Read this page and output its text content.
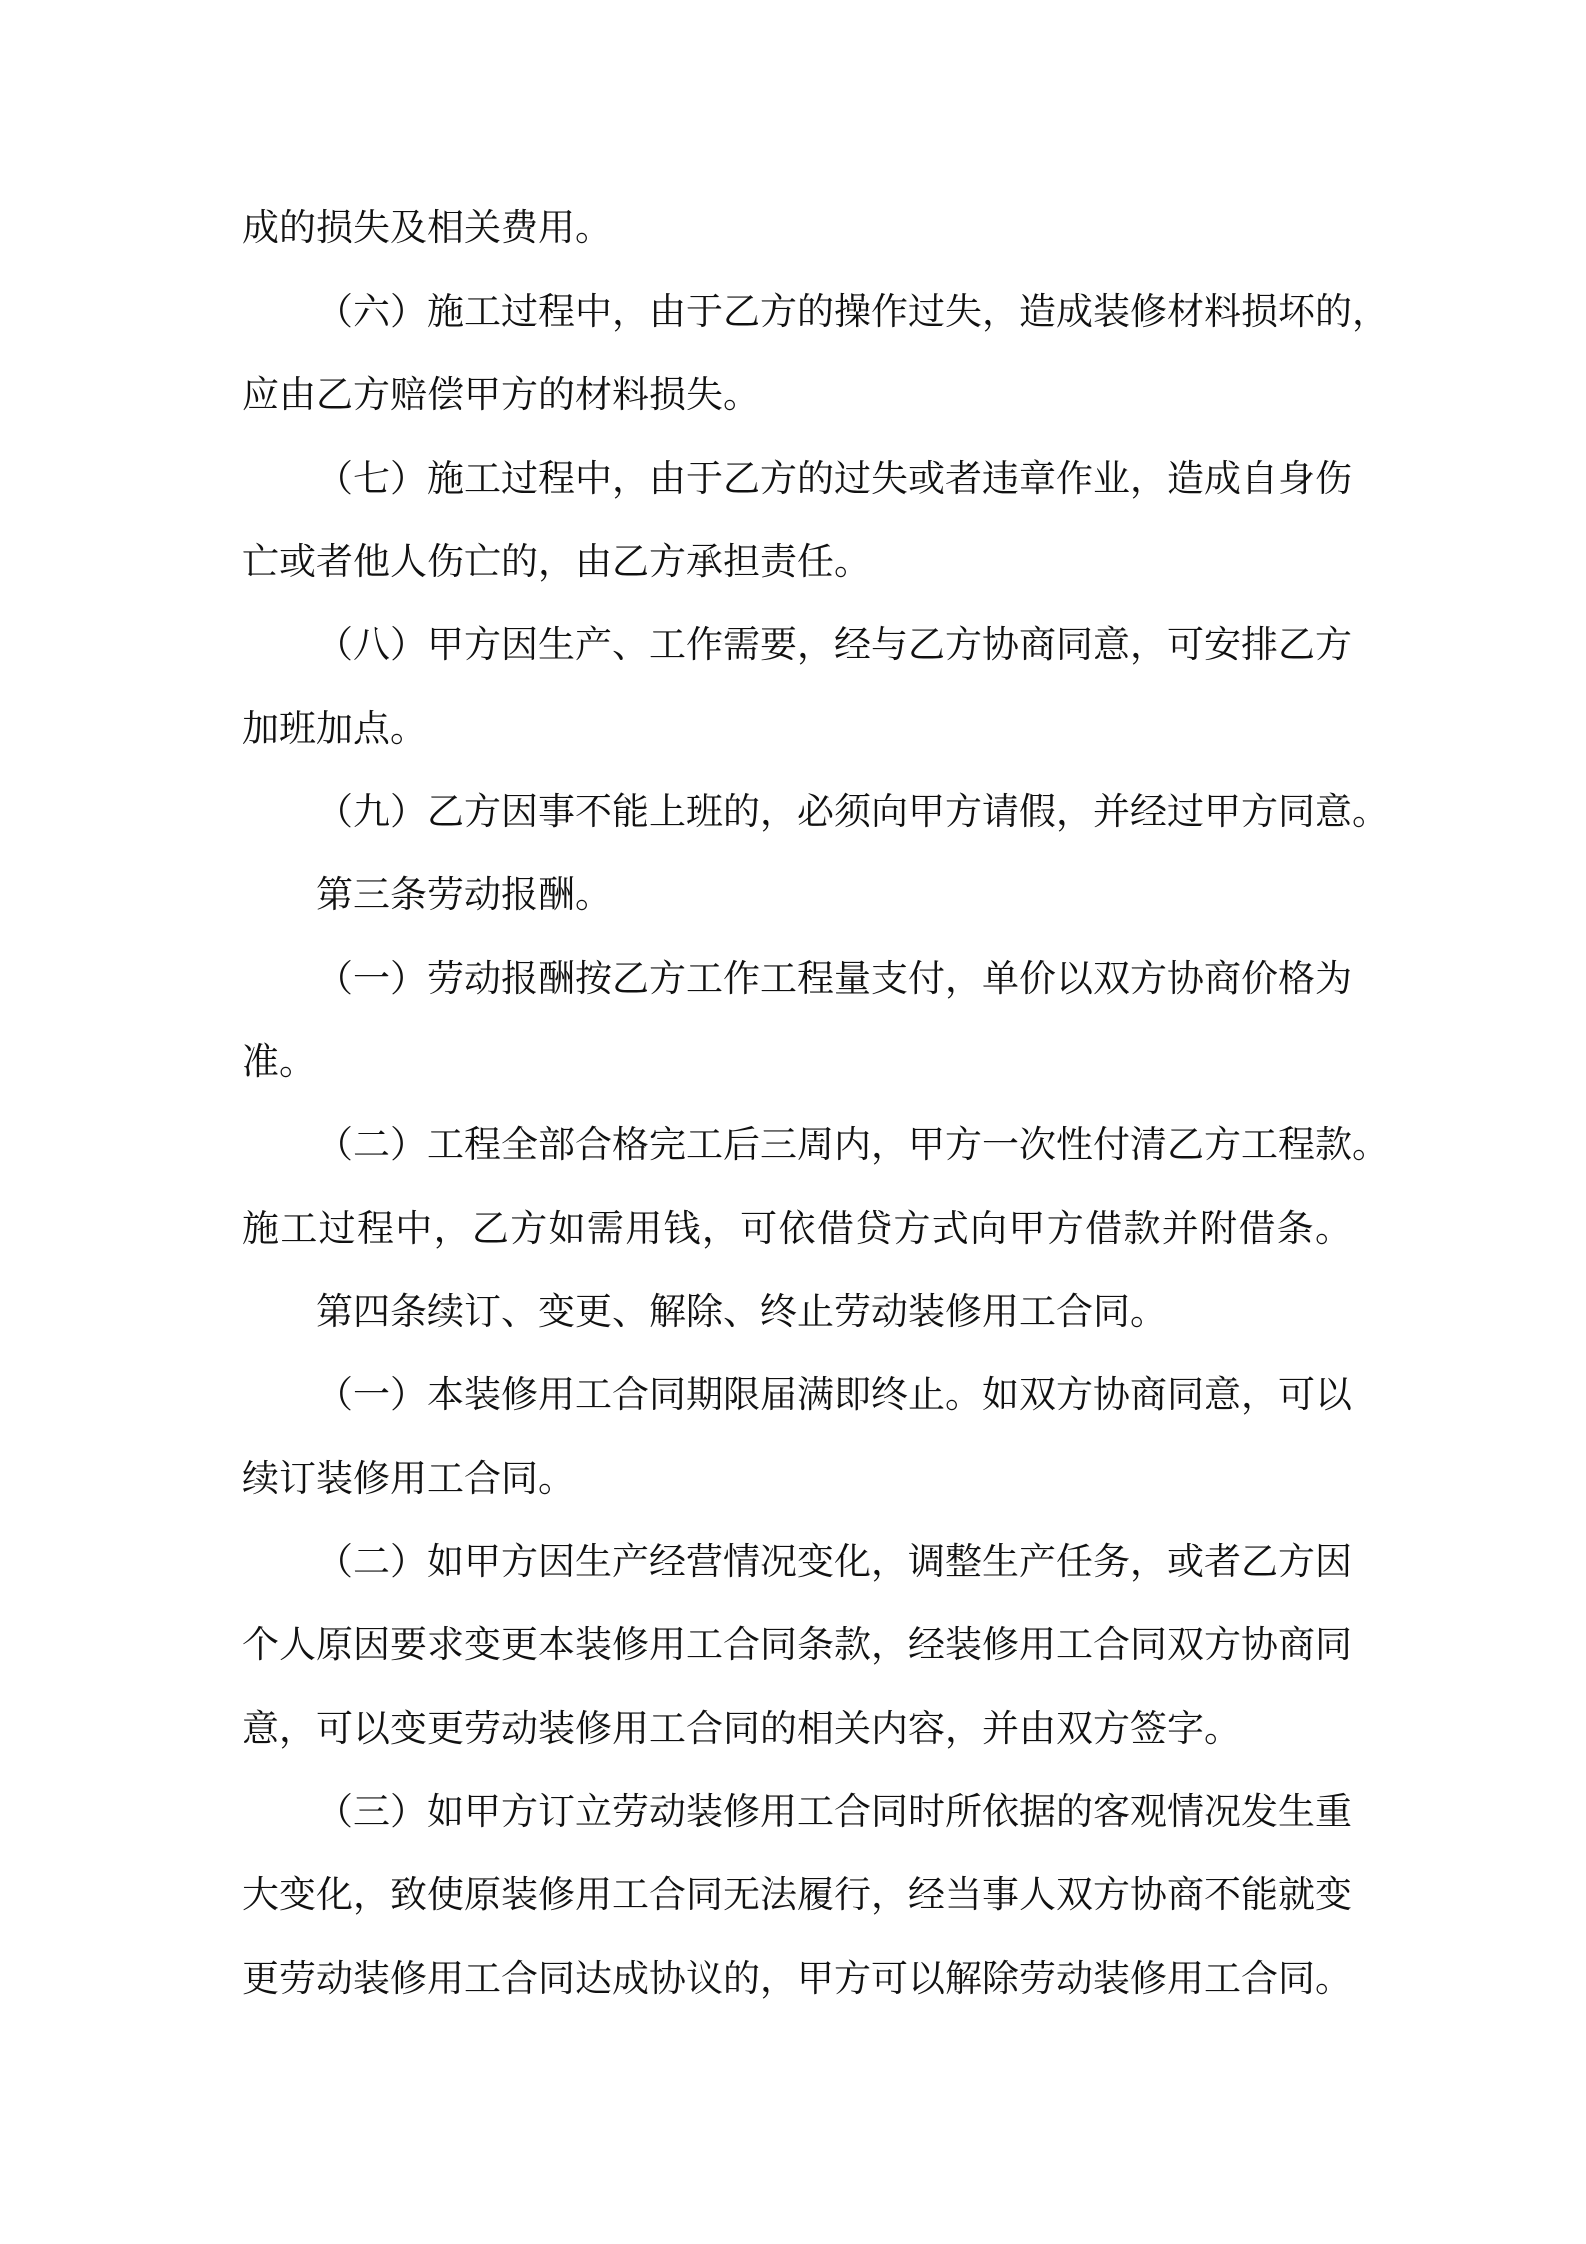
成的损失及相关费用。
（六）施工过程中，由于乙方的操作过失，造成装修材料损坏的，
应由乙方赔偿甲方的材料损失。
（七）施工过程中，由于乙方的过失或者违章作业，造成自身伤
亡或者他人伤亡的，由乙方承担责任。
（八）甲方因生产、工作需要，经与乙方协商同意，可安排乙方
加班加点。
（九）乙方因事不能上班的，必须向甲方请假，并经过甲方同意。
第三条劳动报酬。
（一）劳动报酬按乙方工作工程量支付，单价以双方协商价格为
准。
（二）工程全部合格完工后三周内，甲方一次性付清乙方工程款。
施工过程中，乙方如需用钱，可依借贷方式向甲方借款并附借条。
第四条续订、变更、解除、终止劳动装修用工合同。
（一）本装修用工合同期限届满即终止。如双方协商同意，可以
续订装修用工合同。
（二）如甲方因生产经营情况变化，调整生产任务，或者乙方因
个人原因要求变更本装修用工合同条款，经装修用工合同双方协商同
意，可以变更劳动装修用工合同的相关内容，并由双方签字。
（三）如甲方订立劳动装修用工合同时所依据的客观情况发生重
大变化，致使原装修用工合同无法履行，经当事人双方协商不能就变
更劳动装修用工合同达成协议的，甲方可以解除劳动装修用工合同。
